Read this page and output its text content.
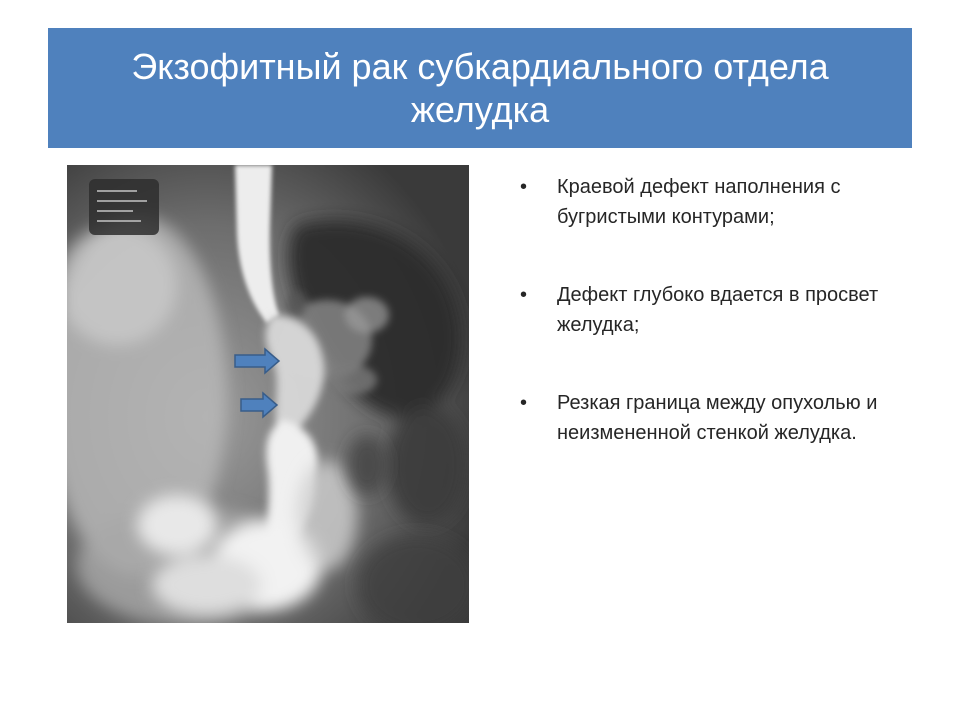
Экзофитный рак субкардиального отдела желудка
•	Краевой дефект наполнения с бугристыми контурами;
•	Дефект глубоко вдается в просвет желудка;
•	Резкая граница между опухолью и неизмененной стенкой желудка.
